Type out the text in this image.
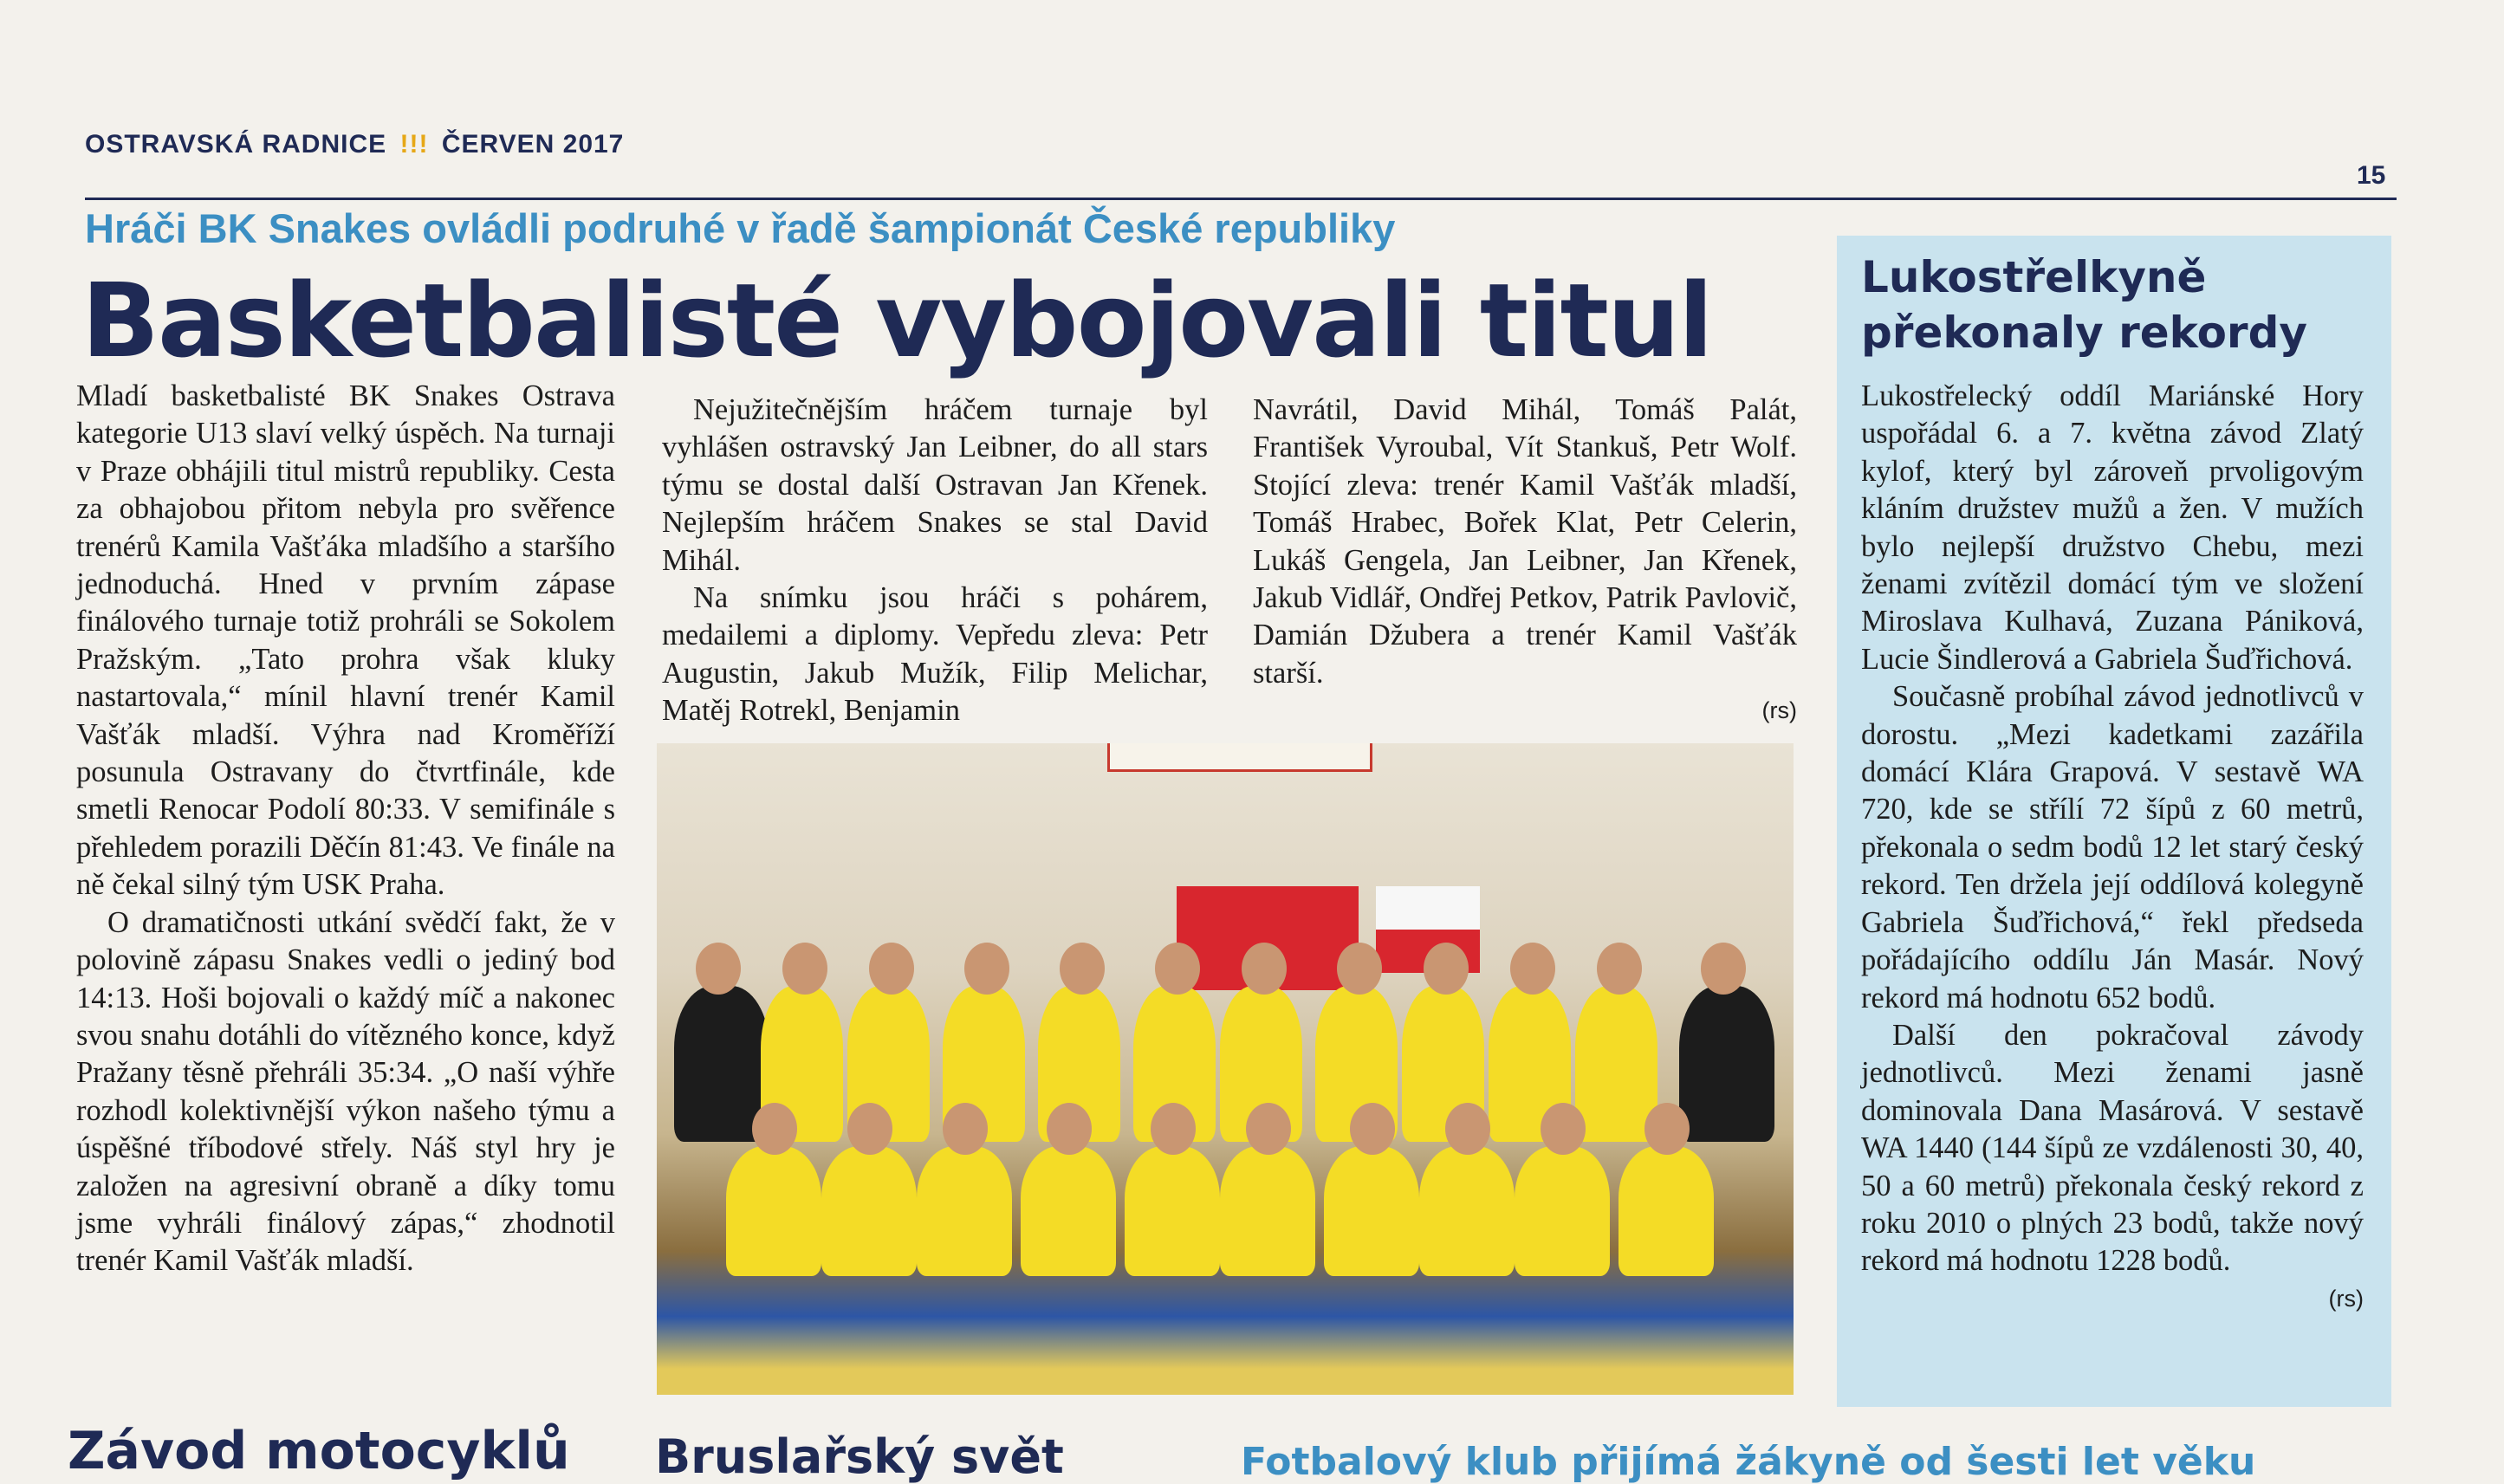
OSTRAVSKÁ RADNICE !!! ČERVEN 2017
15
Hráči BK Snakes ovládli podruhé v řadě šampionát České republiky
Basketbalisté vybojovali titul

Mladí basketbalisté BK Snakes Ostrava kategorie U13 slaví velký úspěch. Na turnaji v Praze obhájili titul mistrů republiky. Cesta za obhajobou přitom nebyla pro svěřence trenérů Kamila Vašťáka mladšího a staršího jednoduchá. Hned v prvním zápase finálového turnaje totiž prohráli se Sokolem Pražským. „Tato prohra však kluky nastartovala,“ mínil hlavní trenér Kamil Vašťák mladší. Výhra nad Kroměříží posunula Ostravany do čtvrtfinále, kde smetli Renocar Podolí 80:33. V semifinále s přehledem porazili Děčín 81:43. Ve finále na ně čekal silný tým USK Praha.

O dramatičnosti utkání svědčí fakt, že v polovině zápasu Snakes vedli o jediný bod 14:13. Hoši bojovali o každý míč a nakonec svou snahu dotáhli do vítězného konce, když Pražany těsně přehráli 35:34. „O naší výhře rozhodl kolektivnější výkon našeho týmu a úspěšné tříbodové střely. Náš styl hry je založen na agresivní obraně a díky tomu jsme vyhráli finálový zápas,“ zhodnotil trenér Kamil Vašťák mladší.

Nejužitečnějším hráčem turnaje byl vyhlášen ostravský Jan Leibner, do all stars týmu se dostal další Ostravan Jan Křenek. Nejlepším hráčem Snakes se stal David Mihál.

Na snímku jsou hráči s pohárem, medailemi a diplomy. Vepředu zleva: Petr Augustin, Jakub Mužík, Filip Melichar, Matěj Rotrekl, Benjamin

Navrátil, David Mihál, Tomáš Palát, František Vyroubal, Vít Stankuš, Petr Wolf. Stojící zleva: trenér Kamil Vašťák mladší, Tomáš Hrabec, Bořek Klat, Petr Celerin, Lukáš Gengela, Jan Leibner, Jan Křenek, Jakub Vidlář, Ondřej Petkov, Patrik Pavlovič, Damián Džubera a trenér Kamil Vašťák starší.

(rs)
Lukostřelkyně překonaly rekordy

Lukostřelecký oddíl Mariánské Hory uspořádal 6. a 7. května závod Zlatý kylof, který byl zároveň prvoligovým kláním družstev mužů a žen. V mužích bylo nejlepší družstvo Chebu, mezi ženami zvítězil domácí tým ve složení Miroslava Kulhavá, Zuzana Pániková, Lucie Šindlerová a Gabriela Šuďřichová.

Současně probíhal závod jednotlivců v dorostu. „Mezi kadetkami zazářila domácí Klára Grapová. V sestavě WA 720, kde se střílí 72 šípů z 60 metrů, překonala o sedm bodů 12 let starý český rekord. Ten držela její oddílová kolegyně Gabriela Šuďřichová,“ řekl předseda pořádajícího oddílu Ján Masár. Nový rekord má hodnotu 652 bodů.

Další den pokračoval závody jednotlivců. Mezi ženami jasně dominovala Dana Masárová. V sestavě WA 1440 (144 šípů ze vzdálenosti 30, 40, 50 a 60 metrů) překonala český rekord z roku 2010 o plných 23 bodů, takže nový rekord má hodnotu 1228 bodů.

(rs)
Závod motocyklů Bruslařský svět	Fotbalový klub přijímá žákyně od šesti let věku
